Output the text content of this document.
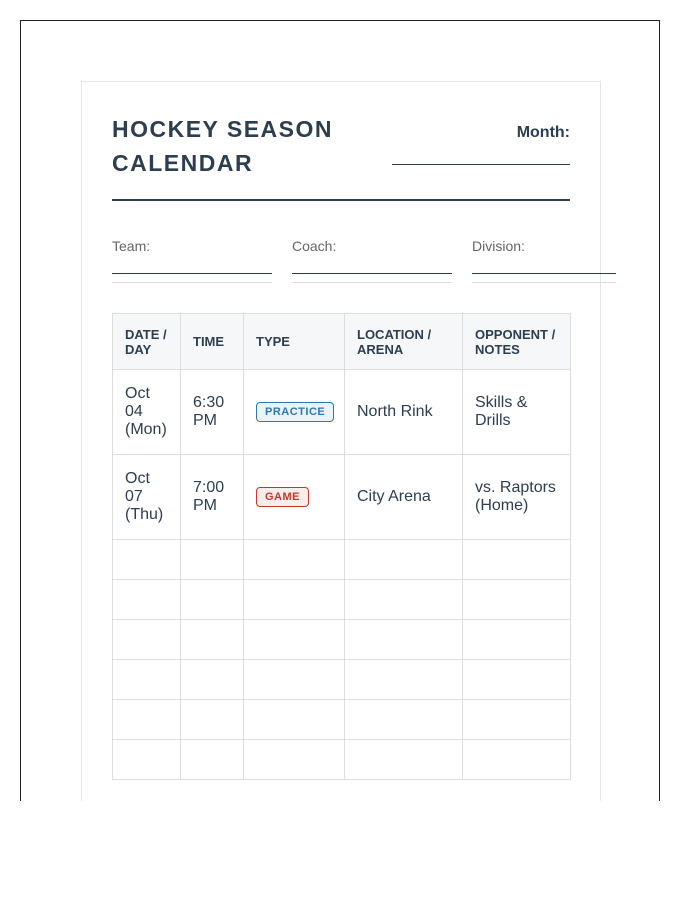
HOCKEY SEASON CALENDAR
Month:
Team:	Coach:	Division:
DATE / DAY	TIME	TYPE	LOCATION / ARENA	OPPONENT / NOTES
Oct 04 (Mon)	6:30 PM	PRACTICE	North Rink	Skills & Drills
Oct 07 (Thu)	7:00 PM	GAME	City Arena	vs. Raptors (Home)
